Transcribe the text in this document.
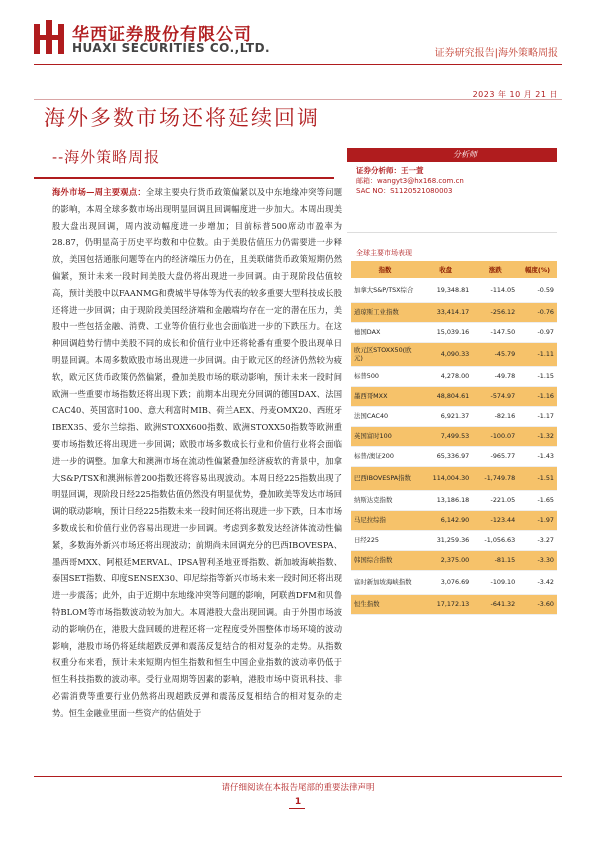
华西证券股份有限公司
HUAXI SECURITIES CO.,LTD.	证券研究报告|海外策略周报
2023 年 10 月 21 日
海外多数市场还将延续回调
--海外策略周报
海外市场—周主要观点：全球主要央行货币政策偏紧以及中东地缘冲突等问题的影响，本周全球多数市场出现明显回调且回调幅度进一步加大。本周出现美股大盘出现回调，周内波动幅度进一步增加；目前标普500席动市盈率为28.87，仍明显高于历史平均数和中位数。由于美股估值压力仍需要进一步释放，美国包括通胀问题等在内的经济端压力仍在，且美联储货币政策短期仍然偏紧，预计未来一段时间美股大盘仍将出现进一步回调。由于现阶段估值较高，预计美股中以FAANMG和费城半导体等为代表的较多重要大型科技成长股还将进一步回调；由于现阶段美国经济端和金融端均存在一定的潜在压力，美股中一些包括金融、消费、工业等价值行业也会面临进一步的下跌压力。在这种回调趋势行情中美股不同的成长和价值行业中还将轮番有重要个股出现单日明显回调。本周多数欧股市场出现进一步回调。由于欧元区的经济仍然较为疲软，欧元区货币政策仍然偏紧，叠加美股市场的联动影响，预计未来一段时间欧洲一些重要市场指数还将出现下跌；前期本出现充分回调的德国DAX、法国CAC40、英国富时100、意大利富时MIB、荷兰AEX、丹麦OMX20、西班牙IBEX35、爱尔兰综指、欧洲STOXX600指数、欧洲STOXX50指数等欧洲重要市场指数还将出现进一步回调；欧股市场多数成长行业和价值行业将会面临进一步的调整。加拿大和澳洲市场在流动性偏紧叠加经济疲软的背景中，加拿大S&P/TSX和澳洲标普200指数还将容易出现波动。本周日经225指数出现了明显回调，现阶段日经225指数估值仍然没有明显优势，叠加欧美等发达市场回调的联动影响，预计日经225指数未来一段时间还将出现进一步下跌，日本市场多数成长和价值行业仍容易出现进一步回调。考虑到多数发达经济体流动性偏紧，多数海外新兴市场还将出现波动；前期尚未回调充分的巴西IBOVESPA、墨西哥MXX、阿根廷MERVAL、IPSA智利圣地亚哥指数、新加坡海峡指数、泰国SET指数、印度SENSEX30、印尼综指等新兴市场未来一段时间还将出现进一步震荡；此外，由于近期中东地缘冲突等问题的影响，阿联酋DFM和贝鲁特BLOM等市场指数波动较为加大。本周港股大盘出现回调。由于外围市场波动的影响仍在，港股大盘回暖的进程还将一定程度受外围整体市场环境的波动影响，港股市场仍将延续超跌反弹和震荡反复结合的相对复杂的走势。从指数权重分布来看，预计未来短期内恒生指数和恒生中国企业指数的波动率仍低于恒生科技指数的波动率。受行业周期等因素的影响，港股市场中资讯科技、非必需消费等重要行业仍然将出现超跌反弹和震荡反复相结合的相对复杂的走势。恒生金融业里面一些资产的估值处于
分析师
证券分析师：王一萱
邮箱：wangyt3@hx168.com.cn
SAC NO：S1120521080003
全球主要市场表现
指数	收盘	涨跌	幅度(%)
加拿大S&P/TSX综合	19,348.81	-114.05	-0.59
道琼斯工业指数	33,414.17	-256.12	-0.76
德国DAX	15,039.16	-147.50	-0.97
欧元区STOXX50(欧元)	4,090.33	-45.79	-1.11
标普500	4,278.00	-49.78	-1.15
墨西哥MXX	48,804.61	-574.97	-1.16
法国CAC40	6,921.37	-82.16	-1.17
英国富时100	7,499.53	-100.07	-1.32
标普/澳证200	65,336.97	-965.77	-1.43
巴西IBOVESPA指数	114,004.30	-1,749.78	-1.51
纳斯达克指数	13,186.18	-221.05	-1.65
马尼拉综指	6,142.90	-123.44	-1.97
日经225	31,259.36	-1,056.63	-3.27
韩国综合指数	2,375.00	-81.15	-3.30
富时新加坡海峡指数	3,076.69	-109.10	-3.42
恒生指数	17,172.13	-641.32	-3.60
请仔细阅读在本报告尾部的重要法律声明
1
